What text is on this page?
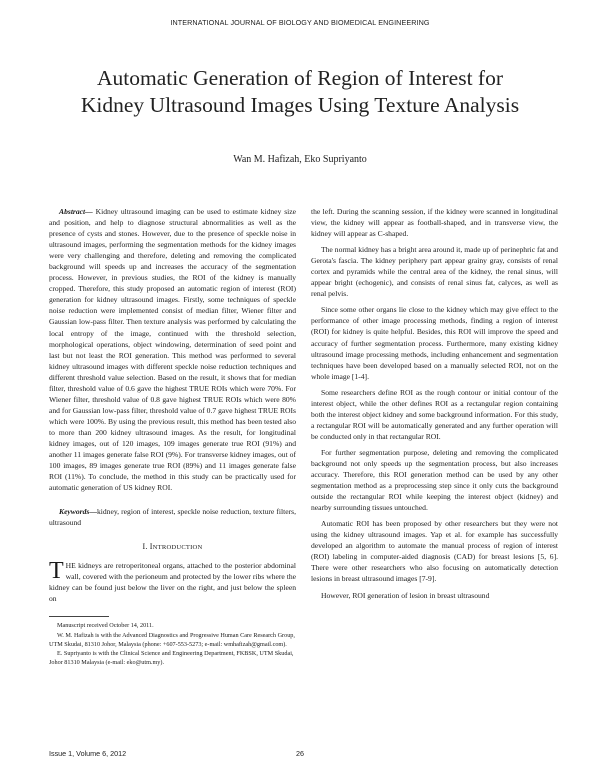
INTERNATIONAL JOURNAL OF BIOLOGY AND BIOMEDICAL ENGINEERING
Automatic Generation of Region of Interest for
Kidney Ultrasound Images Using Texture Analysis
Wan M. Hafizah, Eko Supriyanto

Abstract— Kidney ultrasound imaging can be used to estimate kidney size and position, and help to diagnose structural abnormalities as well as the presence of cysts and stones. However, due to the presence of speckle noise in ultrasound images, performing the segmentation methods for the kidney images were very challenging and therefore, deleting and removing the complicated background will speeds up and increases the accuracy of the segmentation process. However, in previous studies, the ROI of the kidney is manually cropped. Therefore, this study proposed an automatic region of interest (ROI) generation for kidney ultrasound images. Firstly, some techniques of speckle noise reduction were implemented consist of median filter, Wiener filter and Gaussian low-pass filter. Then texture analysis was performed by calculating the local entropy of the image, continued with the threshold selection, morphological operations, object windowing, determination of seed point and last but not least the ROI generation. This method was performed to several kidney ultrasound images with different speckle noise reduction techniques and different threshold value selection. Based on the result, it shows that for median filter, threshold value of 0.6 gave the highest TRUE ROIs which were 70%. For Wiener filter, threshold value of 0.8 gave highest TRUE ROIs which were 80% and for Gaussian low-pass filter, threshold value of 0.7 gave highest TRUE ROIs which were 100%. By using the previous result, this method has been tested also to more than 200 kidney ultrasound images. As the result, for longitudinal kidney images, out of 120 images, 109 images generate true ROI (91%) and another 11 images generate false ROI (9%). For transverse kidney images, out of 100 images, 89 images generate true ROI (89%) and 11 images generate false ROI (11%). To conclude, the method in this study can be practically used for automatic generation of US kidney ROI.

Keywords—kidney, region of interest, speckle noise reduction, texture filters, ultrasound

I. INTRODUCTION

THE kidneys are retroperitoneal organs, attached to the posterior abdominal wall, covered with the perioneum and protected by the lower ribs where the kidney can be found just below the liver on the right, and just below the spleen on

Manuscript received October 14, 2011.

W. M. Hafizah is with the Advanced Diagnostics and Progressive Human Care Research Group, UTM Skudai, 81310 Johor, Malaysia (phone: +607-553-5273; e-mail: wmhafizah@gmail.com).

E. Supriyanto is with the Clinical Science and Engineering Department, FKBSK, UTM Skudai, Johor 81310 Malaysia (e-mail: eko@utm.my).

the left. During the scanning session, if the kidney were scanned in longitudinal view, the kidney will appear as football-shaped, and in transverse view, the kidney will appear as C-shaped.

The normal kidney has a bright area around it, made up of perinephric fat and Gerota's fascia. The kidney periphery part appear grainy gray, consists of renal cortex and pyramids while the central area of the kidney, the renal sinus, will appear bright (echogenic), and consists of renal sinus fat, calyces, as well as renal pelvis.

Since some other organs lie close to the kidney which may give effect to the performance of other image processing methods, finding a region of interest (ROI) for kidney is quite helpful. Besides, this ROI will improve the speed and accuracy of further segmentation process. Furthermore, many existing kidney ultrasound image processing methods, including enhancement and segmentation techniques have been developed based on a manually selected ROI, not on the whole image [1-4].

Some researchers define ROI as the rough contour or initial contour of the interest object, while the other defines ROI as a rectangular region containing both the interest object kidney and some background information. For this study, a rectangular ROI will be automatically generated and any further operation will be conducted only in that rectangular ROI.

For further segmentation purpose, deleting and removing the complicated background not only speeds up the segmentation process, but also increases accuracy. Therefore, this ROI generation method can be used by any other segmentation method as a preprocessing step since it only cuts the background outside the rectangular ROI while keeping the interest object (kidney) and nearby surrounding tissues untouched.

Automatic ROI has been proposed by other researchers but they were not using the kidney ultrasound images. Yap et al. for example has successfully developed an algorithm to automate the manual process of region of interest (ROI) labeling in computer-aided diagnosis (CAD) for breast lesions [5, 6]. There were other researchers who also focusing on automatically detection lesions in breast ultrasound images [7-9].

However, ROI generation of lesion in breast ultrasound

Issue 1, Volume 6, 2012	26
